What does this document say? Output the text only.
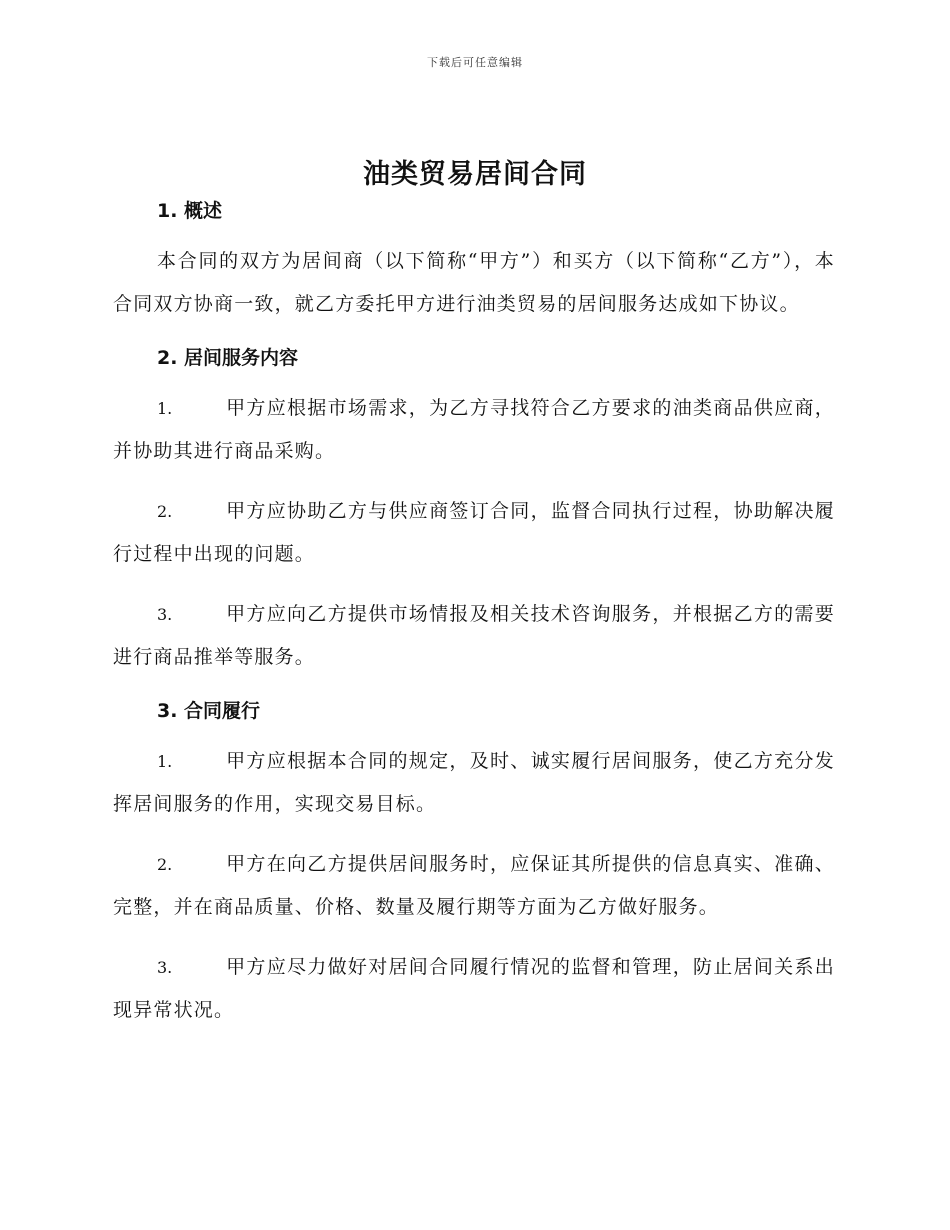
下载后可任意编辑
油类贸易居间合同
1. 概述
本合同的双方为居间商（以下简称“甲方”）和买方（以下简称“乙方”），本合同双方协商一致，就乙方委托甲方进行油类贸易的居间服务达成如下协议。
2. 居间服务内容
1.	甲方应根据市场需求，为乙方寻找符合乙方要求的油类商品供应商，并协助其进行商品采购。
2.	甲方应协助乙方与供应商签订合同，监督合同执行过程，协助解决履行过程中出现的问题。
3.	甲方应向乙方提供市场情报及相关技术咨询服务，并根据乙方的需要进行商品推举等服务。
3. 合同履行
1.	甲方应根据本合同的规定，及时、诚实履行居间服务，使乙方充分发挥居间服务的作用，实现交易目标。
2.	甲方在向乙方提供居间服务时，应保证其所提供的信息真实、准确、完整，并在商品质量、价格、数量及履行期等方面为乙方做好服务。
3.	甲方应尽力做好对居间合同履行情况的监督和管理，防止居间关系出现异常状况。
